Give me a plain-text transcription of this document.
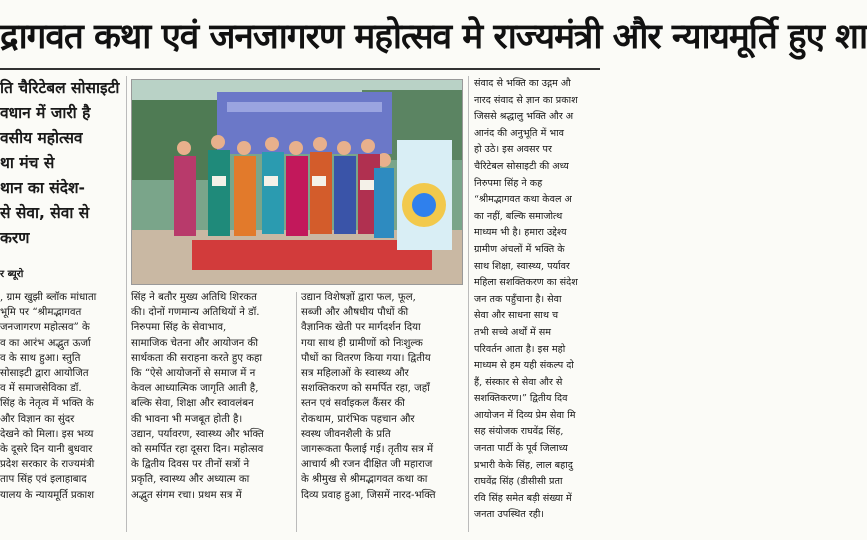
द्रागवत कथा एवं जनजागरण महोत्सव मे राज्यमंत्री और न्यायमूर्ति हुए शा
ति चैरिटेबल सोसाइटी
वधान में जारी है
वसीय महोत्सव
था मंच से
थान का संदेश-
से सेवा, सेवा से
करण
र ब्यूरो

, ग्राम खुझी ब्लॉक मांधाता

भूमि पर “श्रीमद्भागवत

जनजागरण महोत्सव” के

व का आरंभ अद्भुत ऊर्जा

व के साथ हुआ। स्तुति

सोसाइटी द्वारा आयोजित

व में समाजसेविका डॉ.

सिंह के नेतृत्व में भक्ति के

और विज्ञान का सुंदर

देखने को मिला। इस भव्य

के दूसरे दिन यानी बुधवार

प्रदेश सरकार के राज्यमंत्री

ताप सिंह एवं इलाहाबाद

यालय के न्यायमूर्ति प्रकाश

सिंह ने बतौर मुख्य अतिथि शिरकत

की। दोनों गणमान्य अतिथियों ने डॉ.

निरुपमा सिंह के सेवाभाव,

सामाजिक चेतना और आयोजन की

सार्थकता की सराहना करते हुए कहा

कि “ऐसे आयोजनों से समाज में न

केवल आध्यात्मिक जागृति आती है,

बल्कि सेवा, शिक्षा और स्वावलंबन

की भावना भी मजबूत होती है।

उद्यान, पर्यावरण, स्वास्थ्य और भक्ति

को समर्पित रहा दूसरा दिन। महोत्सव

के द्वितीय दिवस पर तीनों सत्रों ने

प्रकृति, स्वास्थ्य और अध्यात्म का

अद्भुत संगम रचा। प्रथम सत्र में

उद्यान विशेषज्ञों द्वारा फल, फूल,

सब्जी और औषधीय पौधों की

वैज्ञानिक खेती पर मार्गदर्शन दिया

गया साथ ही ग्रामीणों को निःशुल्क

पौधों का वितरण किया गया। द्वितीय

सत्र महिलाओं के स्वास्थ्य और

सशक्तिकरण को समर्पित रहा, जहाँ

स्तन एवं सर्वाइकल कैंसर की

रोकथाम, प्रारंभिक पहचान और

स्वस्थ जीवनशैली के प्रति

जागरूकता फैलाई गई। तृतीय सत्र में

आचार्य श्री रजन दीक्षित जी महाराज

के श्रीमुख से श्रीमद्भागवत कथा का

दिव्य प्रवाह हुआ, जिसमें नारद-भक्ति

संवाद से भक्ति का उद्गम औ

नारद संवाद से ज्ञान का प्रकाश

जिससे श्रद्धालु भक्ति और अ

आनंद की अनुभूति में भाव

हो उठे। इस अवसर पर

चैरिटेबल सोसाइटी की अध्य

निरुपमा सिंह ने कह

“श्रीमद्भागवत कथा केवल अ

का नहीं, बल्कि समाजोत्थ

माध्यम भी है। हमारा उद्देश्य

ग्रामीण अंचलों में भक्ति के

साथ शिक्षा, स्वास्थ्य, पर्यावर

महिला सशक्तिकरण का संदेश

जन तक पहुँचाना है। सेवा

सेवा और साधना साथ च

तभी सच्चे अर्थों में सम

परिवर्तन आता है। इस महो

माध्यम से हम यही संकल्प दो

हैं, संस्कार से सेवा और से

सशक्तिकरण।” द्वितीय दिव

आयोजन में दिव्य प्रेम सेवा मि

सह संयोजक राघवेंद्र सिंह,

जनता पार्टी के पूर्व जिलाध्य

प्रभारी केके सिंह, लाल बहादु

राघवेंद्र सिंह (डीसीसी प्रता

रवि सिंह समेत बड़ी संख्या में

जनता उपस्थित रही।
